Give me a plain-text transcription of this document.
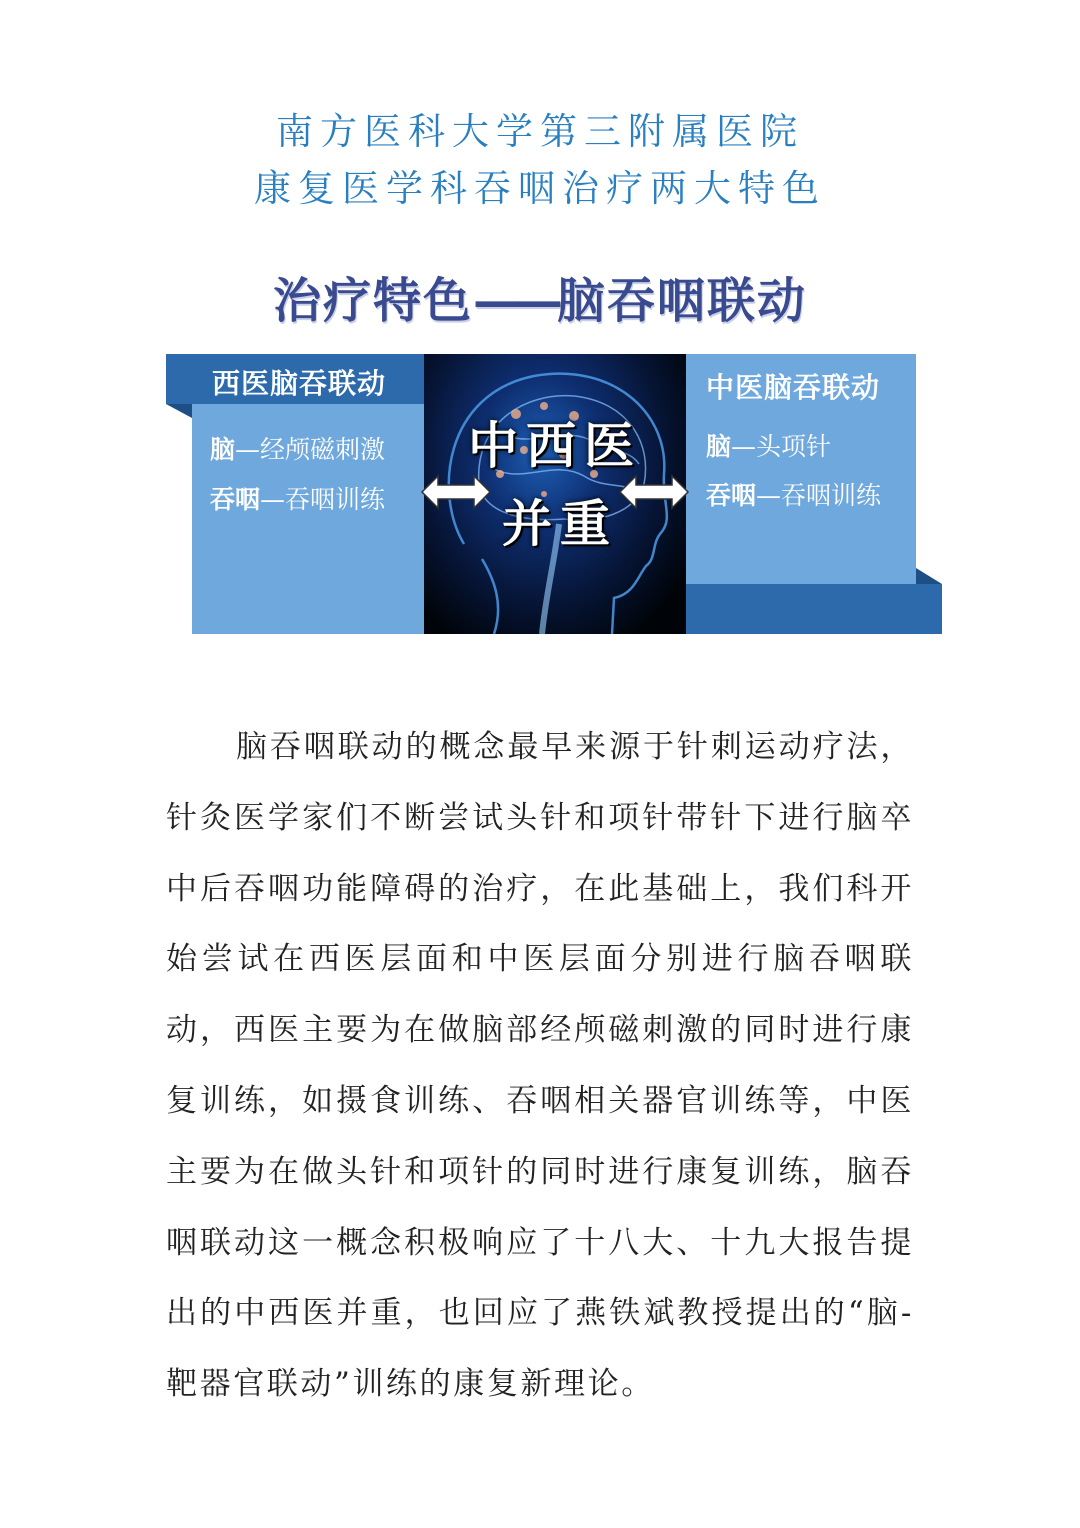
南方医科大学第三附属医院
康复医学科吞咽治疗两大特色
治疗特色——脑吞咽联动
中西医
并重
西医脑吞联动
脑—经颅磁刺激
吞咽—吞咽训练
中医脑吞联动
脑—头项针
吞咽—吞咽训练

脑吞咽联动的概念最早来源于针刺运动疗法，针灸医学家们不断尝试头针和项针带针下进行脑卒中后吞咽功能障碍的治疗，在此基础上，我们科开始尝试在西医层面和中医层面分别进行脑吞咽联动，西医主要为在做脑部经颅磁刺激的同时进行康复训练，如摄食训练、吞咽相关器官训练等，中医主要为在做头针和项针的同时进行康复训练，脑吞咽联动这一概念积极响应了十八大、十九大报告提出的中西医并重，也回应了燕铁斌教授提出的“脑-靶器官联动”训练的康复新理论。
